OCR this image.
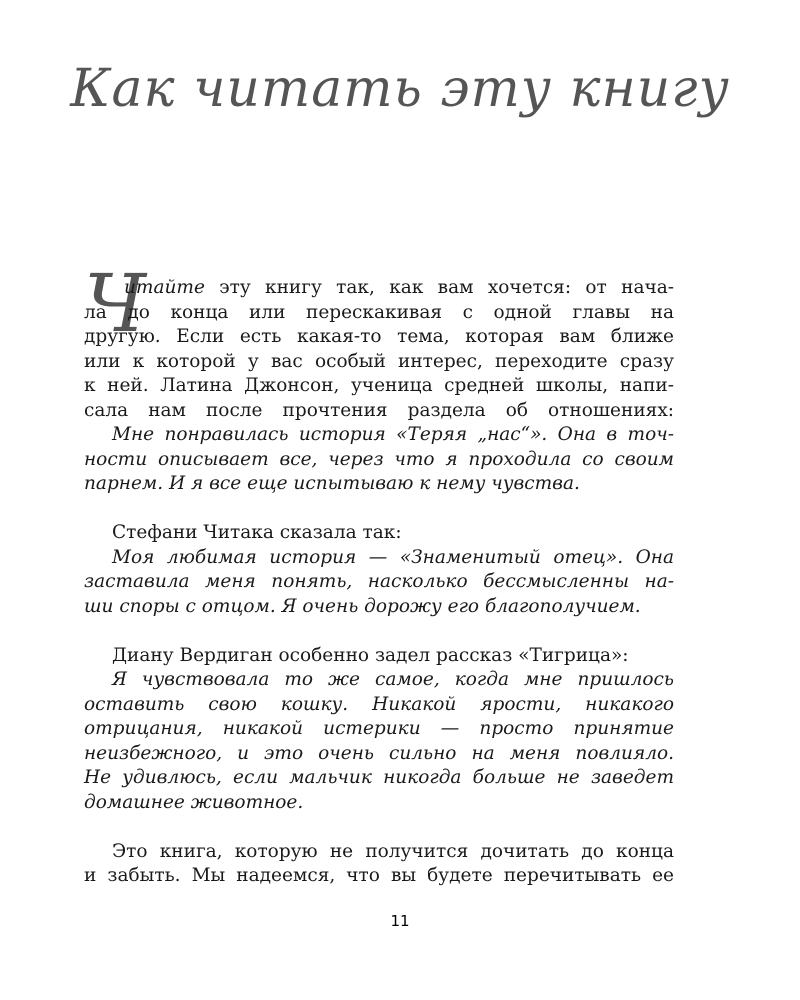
Как читать эту книгу
Ч
итайте эту книгу так, как вам хочется: от нача-
ла до конца или перескакивая с одной главы на
другую. Если есть какая-то тема, которая вам ближе
или к которой у вас особый интерес, переходите сразу
к ней. Латина Джонсон, ученица средней школы, напи-
сала нам после прочтения раздела об отношениях:
Мне понравилась история «Теряя „нас“». Она в точ-
ности описывает все, через что я проходила со своим
парнем. И я все еще испытываю к нему чувства.
Стефани Читака сказала так:
Моя любимая история — «Знаменитый отец». Она
заставила меня понять, насколько бессмысленны на-
ши споры с отцом. Я очень дорожу его благополучием.
Диану Вердиган особенно задел рассказ «Тигрица»:
Я чувствовала то же самое, когда мне пришлось
оставить свою кошку. Никакой ярости, никакого
отрицания, никакой истерики — просто принятие
неизбежного, и это очень сильно на меня повлияло.
Не удивлюсь, если мальчик никогда больше не заведет
домашнее животное.
Это книга, которую не получится дочитать до конца
и забыть. Мы надеемся, что вы будете перечитывать ее
11
